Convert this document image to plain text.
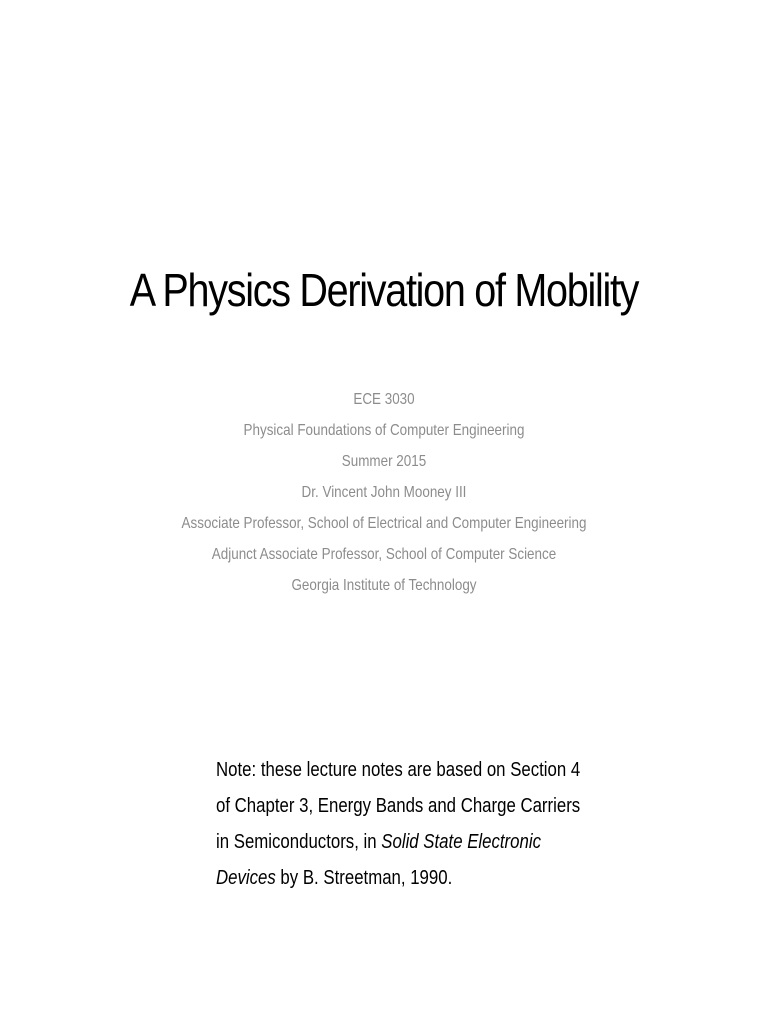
A Physics Derivation of Mobility
ECE 3030
Physical Foundations of Computer Engineering
Summer 2015
Dr. Vincent John Mooney III
Associate Professor, School of Electrical and Computer Engineering
Adjunct Associate Professor, School of Computer Science
Georgia Institute of Technology
Note: these lecture notes are based on Section 4
of Chapter 3, Energy Bands and Charge Carriers
in Semiconductors, in Solid State Electronic
Devices by B. Streetman, 1990.
